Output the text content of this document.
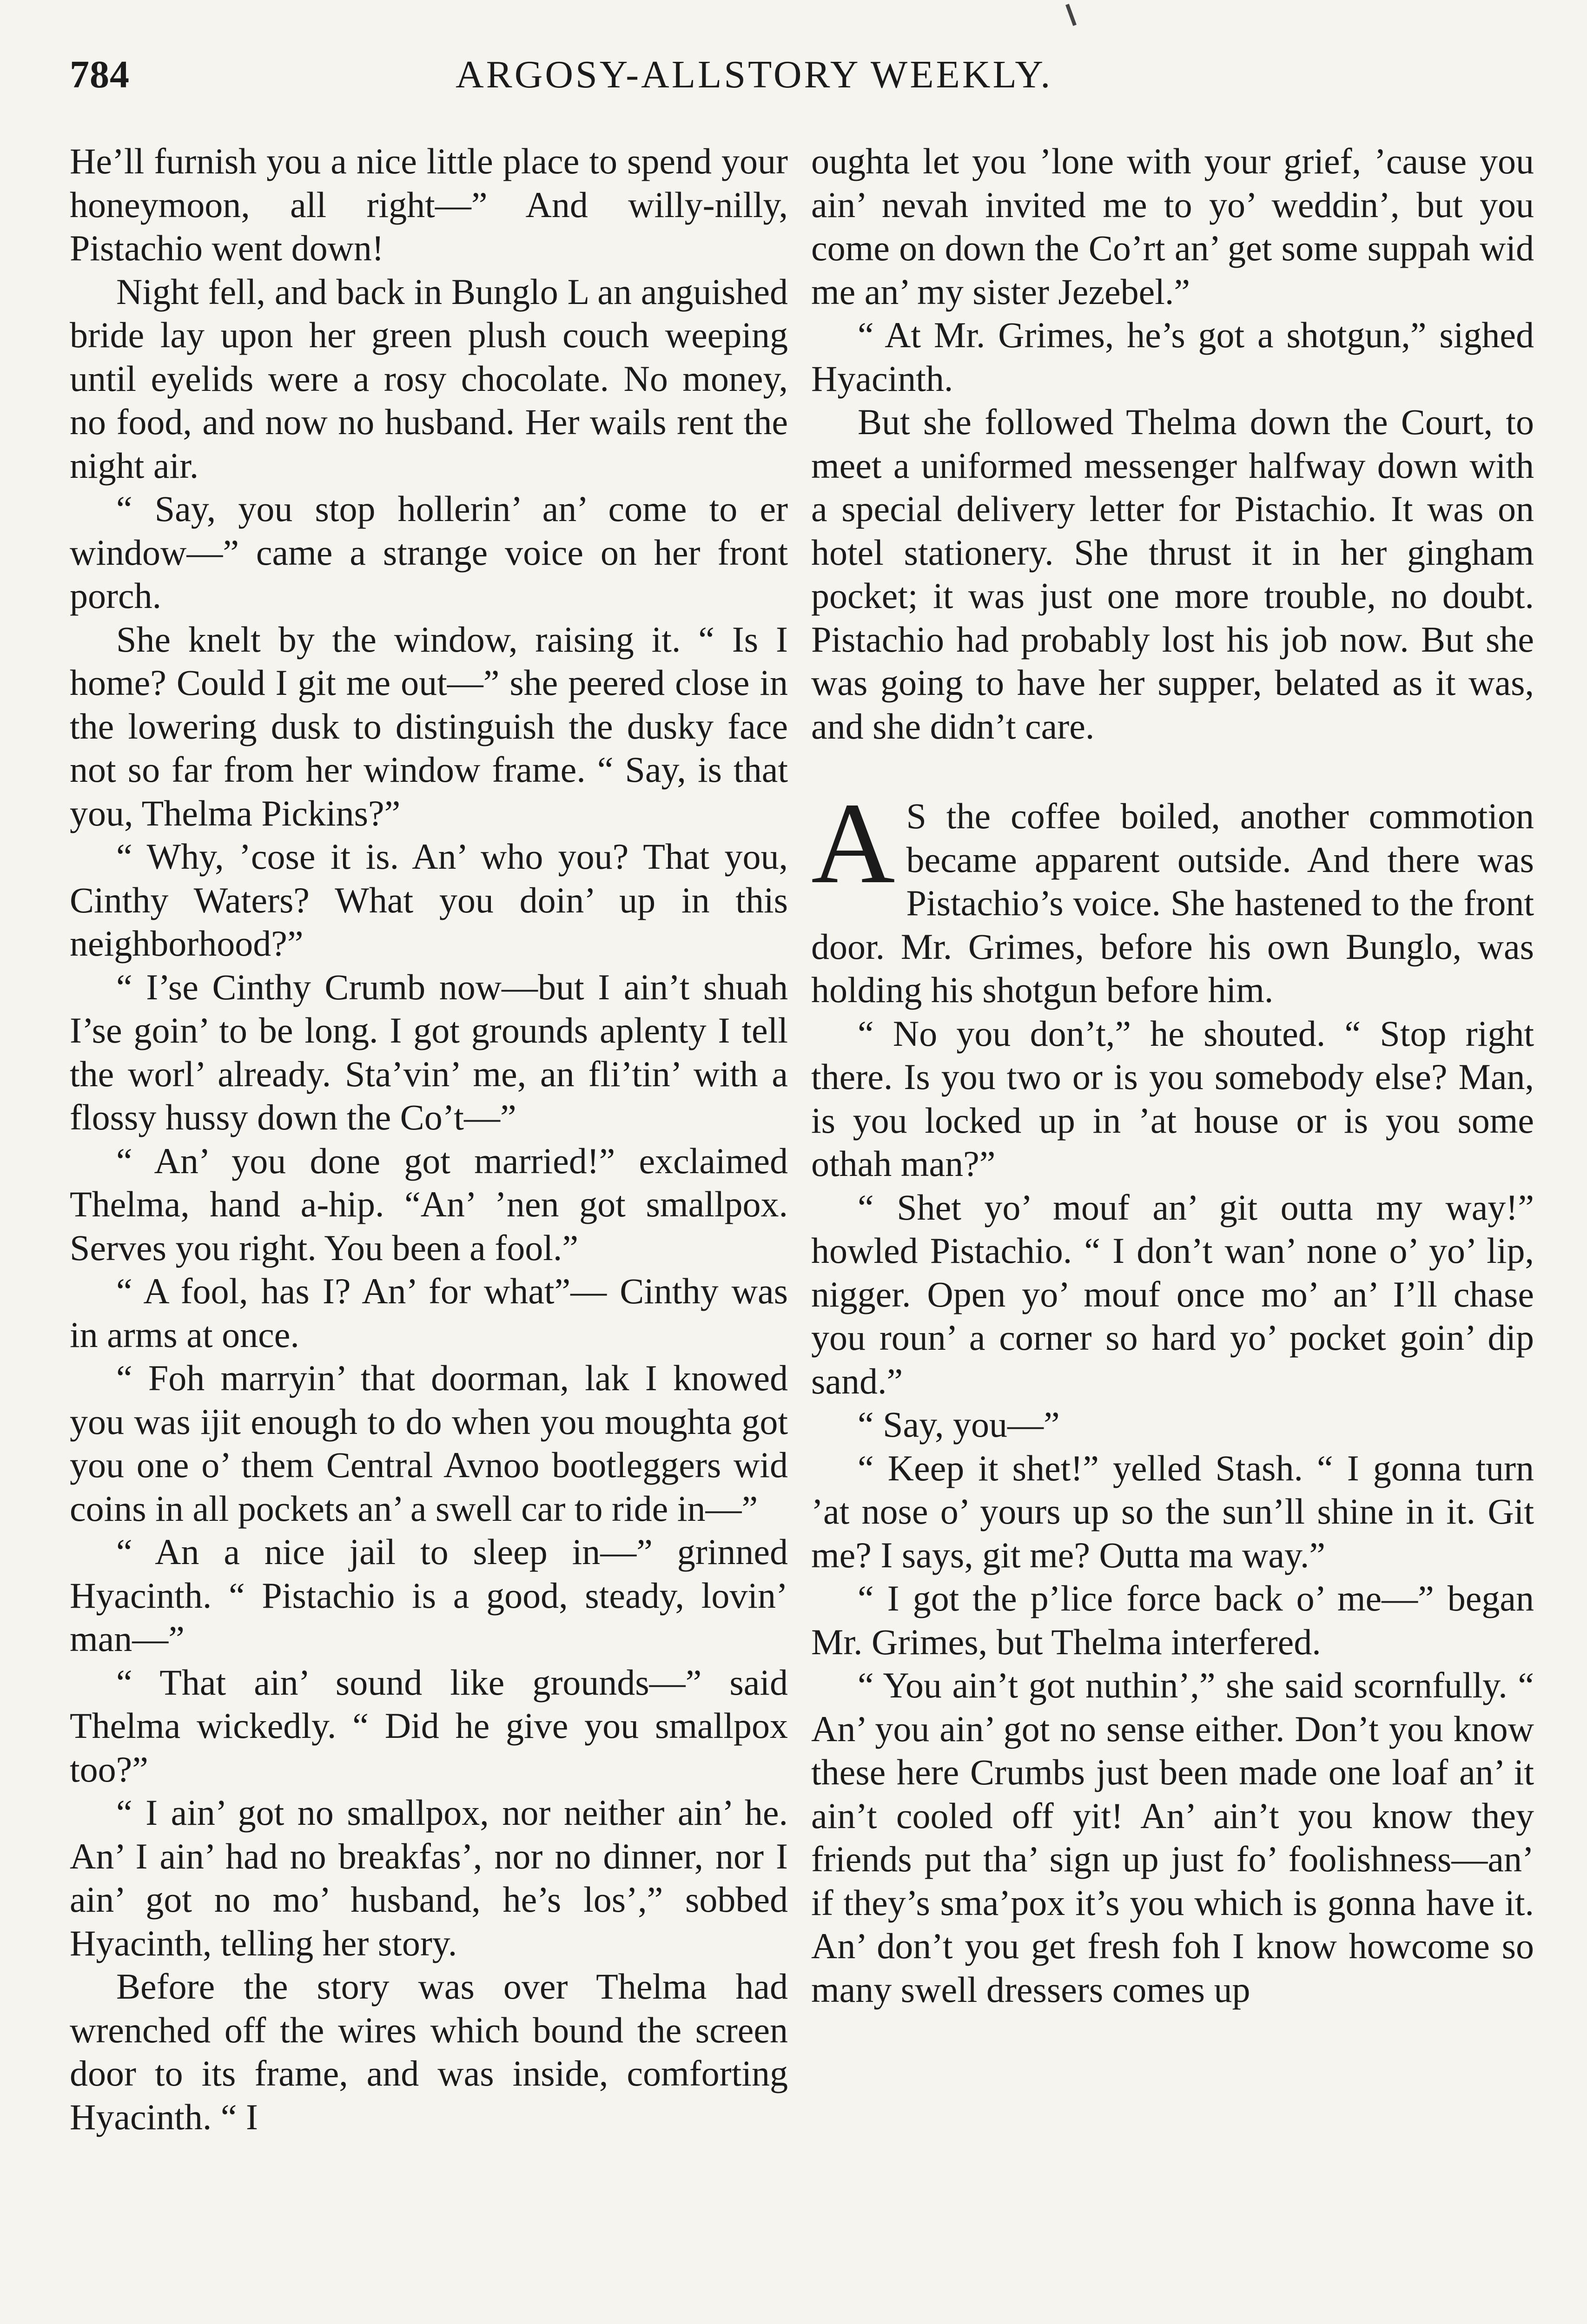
784	ARGOSY-ALLSTORY WEEKLY.

He’ll furnish you a nice little place to spend your honeymoon, all right—” And willy-nilly, Pistachio went down!

Night fell, and back in Bunglo L an anguished bride lay upon her green plush couch weeping until eyelids were a rosy chocolate. No money, no food, and now no husband. Her wails rent the night air.

“ Say, you stop hollerin’ an’ come to er window—” came a strange voice on her front porch.

She knelt by the window, raising it. “ Is I home? Could I git me out—” she peered close in the lowering dusk to distinguish the dusky face not so far from her window frame. “ Say, is that you, Thelma Pickins?”

“ Why, ’cose it is. An’ who you? That you, Cinthy Waters? What you doin’ up in this neighborhood?”

“ I’se Cinthy Crumb now—but I ain’t shuah I’se goin’ to be long. I got grounds aplenty I tell the worl’ already. Sta’vin’ me, an fli’tin’ with a flossy hussy down the Co’t—”

“ An’ you done got married!” exclaimed Thelma, hand a-hip. “An’ ’nen got smallpox. Serves you right. You been a fool.”

“ A fool, has I? An’ for what”— Cinthy was in arms at once.

“ Foh marryin’ that doorman, lak I knowed you was ijit enough to do when you moughta got you one o’ them Central Avnoo bootleggers wid coins in all pockets an’ a swell car to ride in—”

“ An a nice jail to sleep in—” grinned Hyacinth. “ Pistachio is a good, steady, lovin’ man—”

“ That ain’ sound like grounds—” said Thelma wickedly. “ Did he give you smallpox too?”

“ I ain’ got no smallpox, nor neither ain’ he. An’ I ain’ had no breakfas’, nor no dinner, nor I ain’ got no mo’ husband, he’s los’,” sobbed Hyacinth, telling her story.

Before the story was over Thelma had wrenched off the wires which bound the screen door to its frame, and was inside, comforting Hyacinth. “ I

oughta let you ’lone with your grief, ’cause you ain’ nevah invited me to yo’ weddin’, but you come on down the Co’rt an’ get some suppah wid me an’ my sister Jezebel.”

“ At Mr. Grimes, he’s got a shotgun,” sighed Hyacinth.

But she followed Thelma down the Court, to meet a uniformed messenger halfway down with a special delivery letter for Pistachio. It was on hotel stationery. She thrust it in her gingham pocket; it was just one more trouble, no doubt. Pistachio had probably lost his job now. But she was going to have her supper, belated as it was, and she didn’t care.

A S the coffee boiled, another commotion became apparent outside. And there was Pistachio’s voice. She hastened to the front door. Mr. Grimes, before his own Bunglo, was holding his shotgun before him.

“ No you don’t,” he shouted. “ Stop right there. Is you two or is you somebody else? Man, is you locked up in ’at house or is you some othah man?”

“ Shet yo’ mouf an’ git outta my way!” howled Pistachio. “ I don’t wan’ none o’ yo’ lip, nigger. Open yo’ mouf once mo’ an’ I’ll chase you roun’ a corner so hard yo’ pocket goin’ dip sand.”

“ Say, you—”

“ Keep it shet!” yelled Stash. “ I gonna turn ’at nose o’ yours up so the sun’ll shine in it. Git me? I says, git me? Outta ma way.”

“ I got the p’lice force back o’ me—” began Mr. Grimes, but Thelma interfered.

“ You ain’t got nuthin’,” she said scornfully. “ An’ you ain’ got no sense either. Don’t you know these here Crumbs just been made one loaf an’ it ain’t cooled off yit! An’ ain’t you know they friends put tha’ sign up just fo’ foolishness—an’ if they’s sma’pox it’s you which is gonna have it. An’ don’t you get fresh foh I know howcome so many swell dressers comes up
